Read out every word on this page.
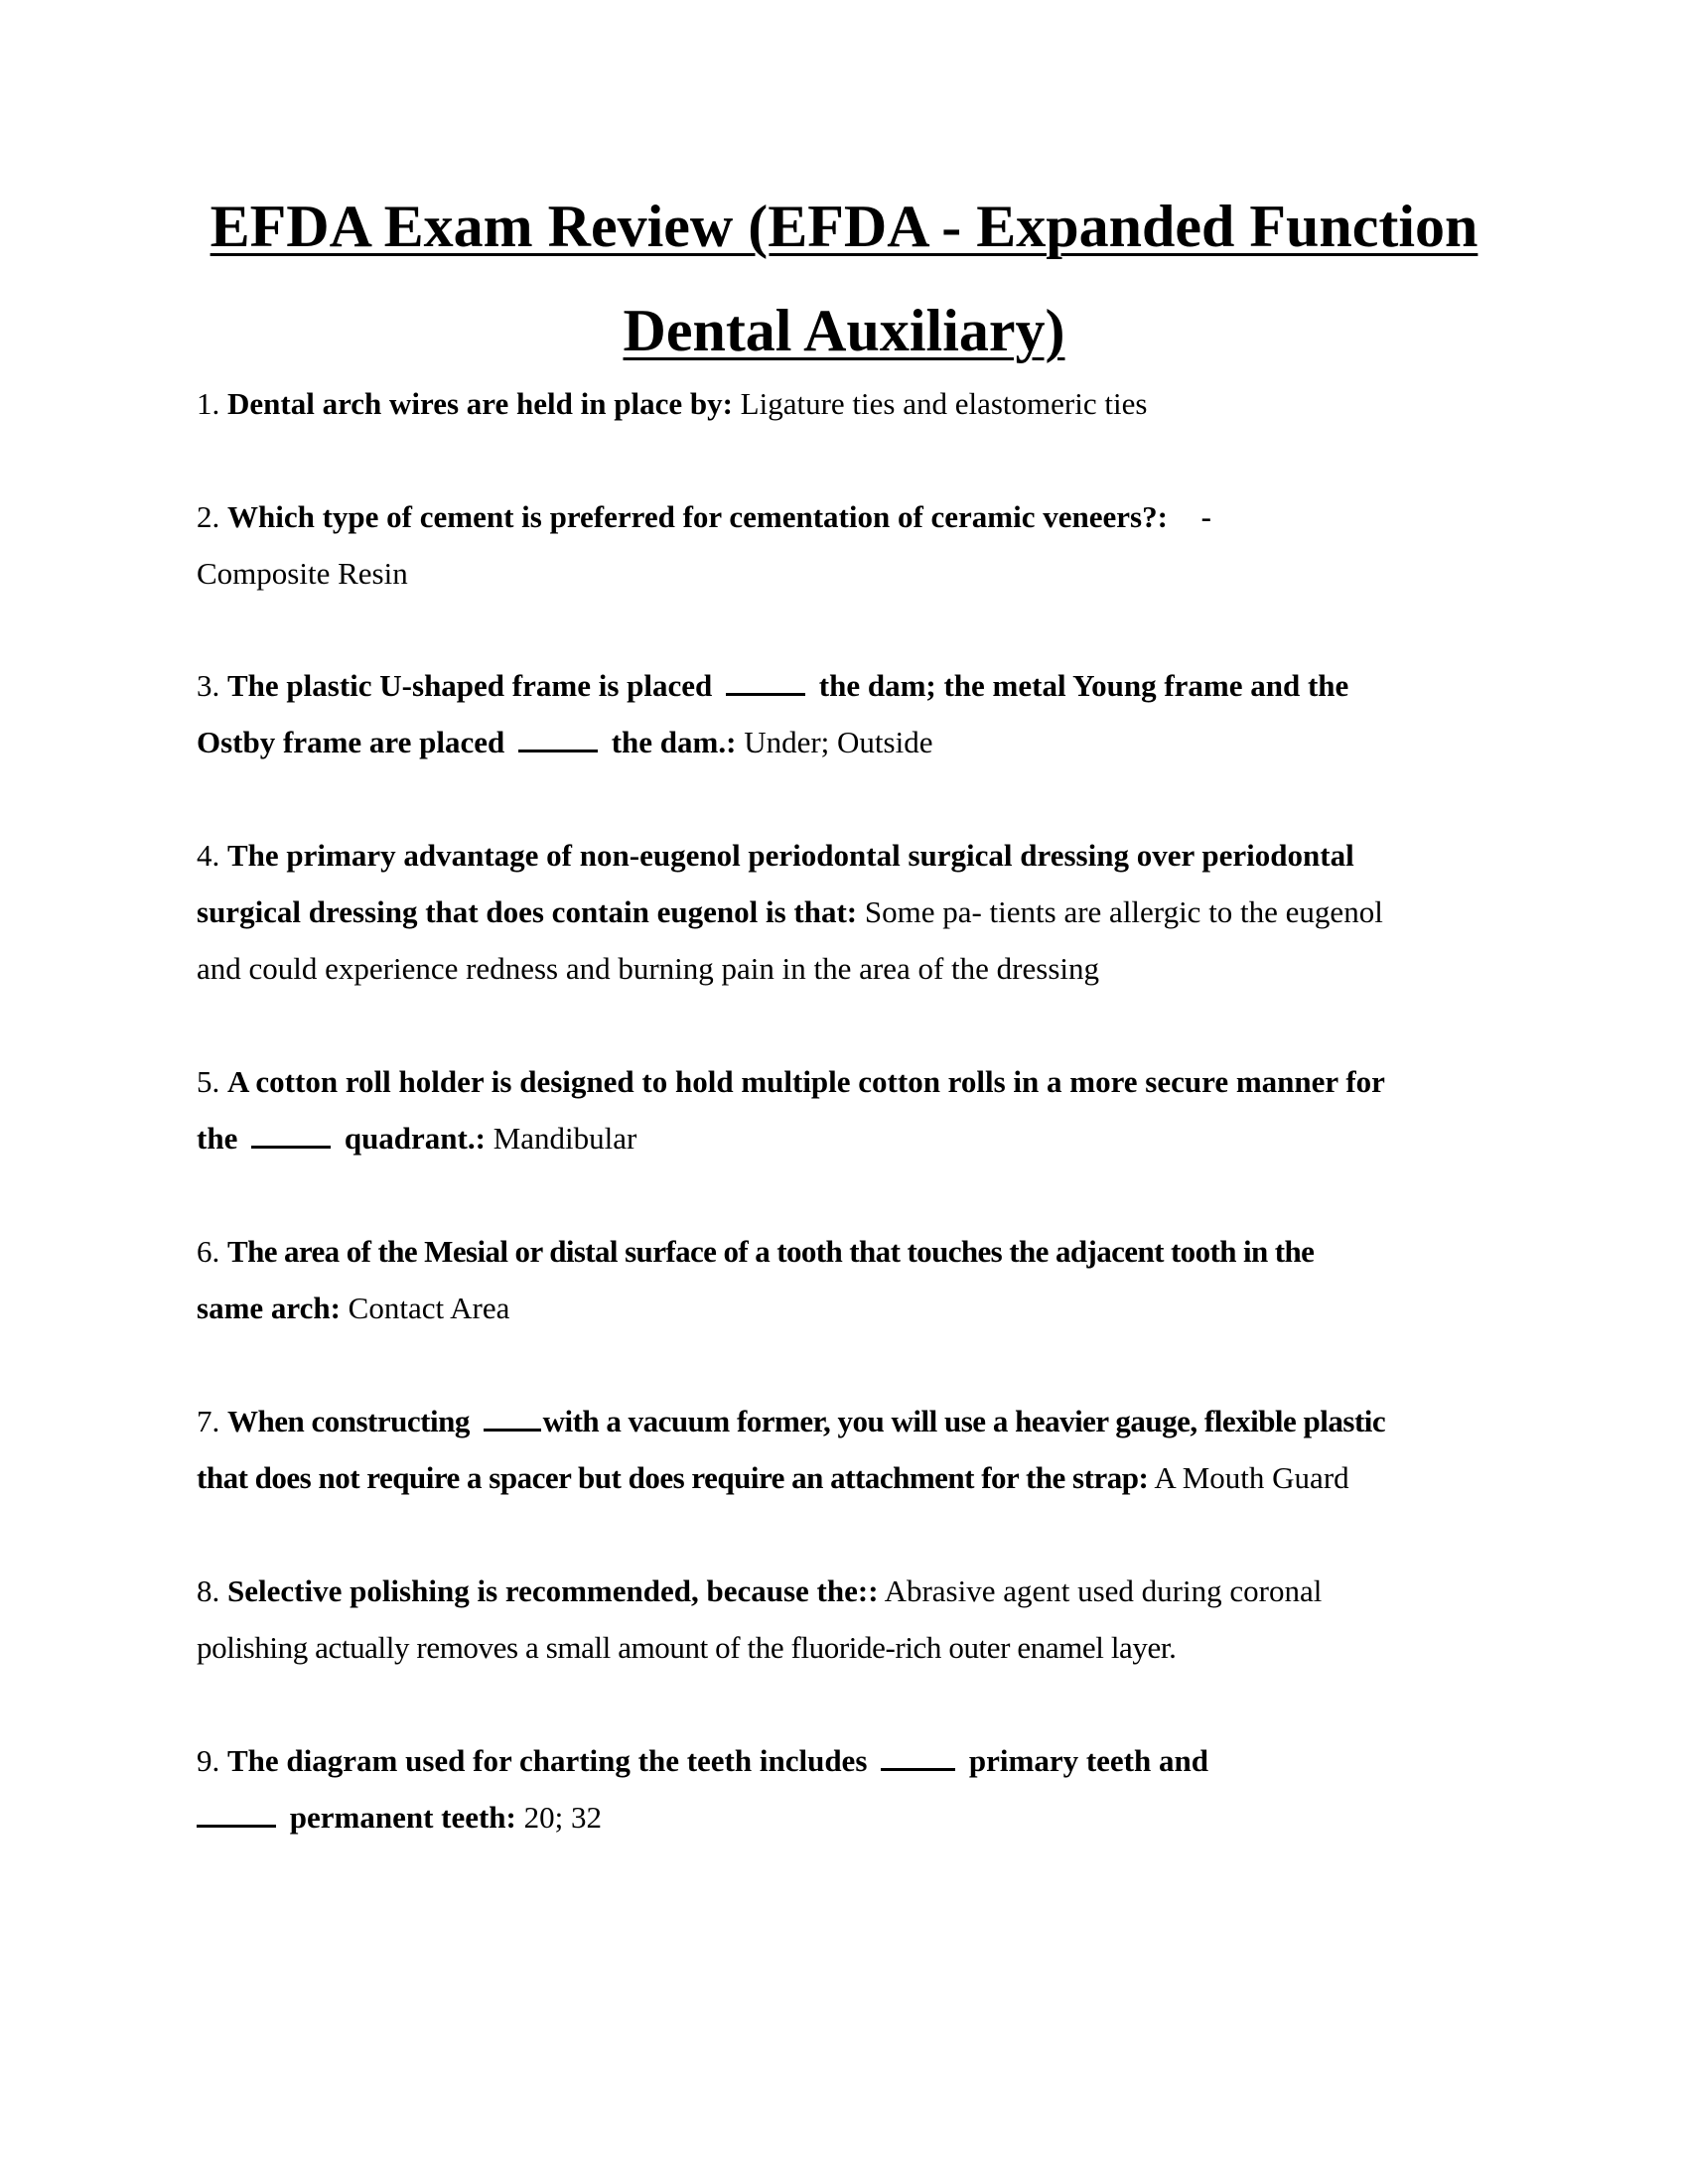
EFDA Exam Review (EFDA - Expanded Function
Dental Auxiliary)
1. Dental arch wires are held in place by: Ligature ties and elastomeric ties
2. Which type of cement is preferred for cementation of ceramic veneers?: -
Composite Resin
3. The plastic U-shaped frame is placed	the dam; the metal Young frame and the
Ostby frame are placed	the dam.: Under; Outside
4. The primary advantage of non-eugenol periodontal surgical dressing over periodontal
surgical dressing that does contain eugenol is that: Some pa- tients are allergic to the eugenol
and could experience redness and burning pain in the area of the dressing
5. A cotton roll holder is designed to hold multiple cotton rolls in a more secure manner for
the	quadrant.: Mandibular
6. The area of the Mesial or distal surface of a tooth that touches the adjacent tooth in the
same arch: Contact Area
7. When constructing with a vacuum former, you will use a heavier gauge, flexible plastic
that does not require a spacer but does require an attachment for the strap: A Mouth Guard
8. Selective polishing is recommended, because the:: Abrasive agent used during coronal
polishing actually removes a small amount of the fluoride-rich outer enamel layer.
9. The diagram used for charting the teeth includes	primary teeth and
permanent teeth: 20; 32
